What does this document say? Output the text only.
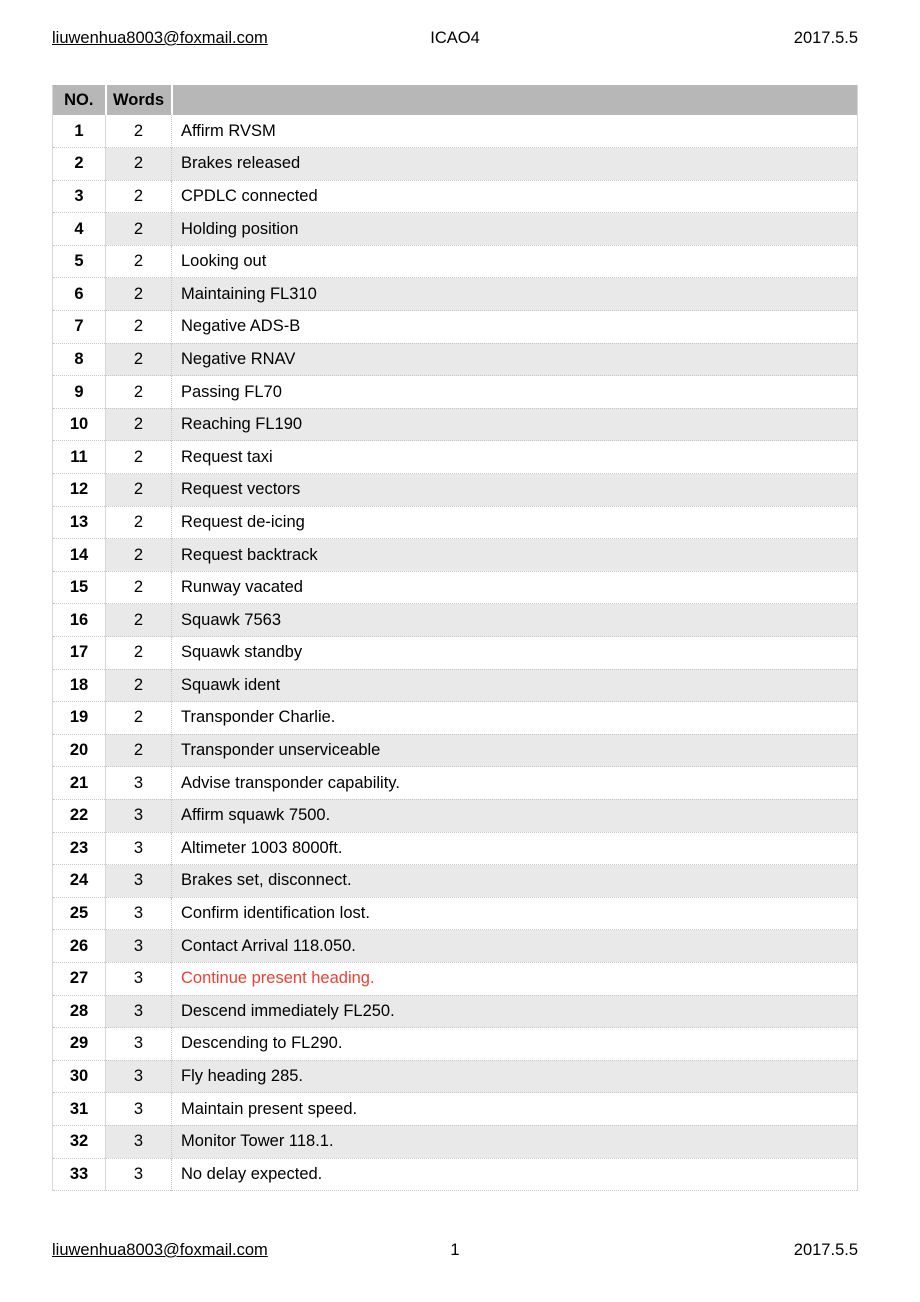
liuwenhua8003@foxmail.com	ICAO4	2017.5.5
NO.	Words	
1	2	Affirm RVSM
2	2	Brakes released
3	2	CPDLC connected
4	2	Holding position
5	2	Looking out
6	2	Maintaining FL310
7	2	Negative ADS-B
8	2	Negative RNAV
9	2	Passing FL70
10	2	Reaching FL190
11	2	Request taxi
12	2	Request vectors
13	2	Request de-icing
14	2	Request backtrack
15	2	Runway vacated
16	2	Squawk 7563
17	2	Squawk standby
18	2	Squawk ident
19	2	Transponder Charlie.
20	2	Transponder unserviceable
21	3	Advise transponder capability.
22	3	Affirm squawk 7500.
23	3	Altimeter 1003 8000ft.
24	3	Brakes set, disconnect.
25	3	Confirm identification lost.
26	3	Contact Arrival 118.050.
27	3	Continue present heading.
28	3	Descend immediately FL250.
29	3	Descending to FL290.
30	3	Fly heading 285.
31	3	Maintain present speed.
32	3	Monitor Tower 118.1.
33	3	No delay expected.
liuwenhua8003@foxmail.com	1	2017.5.5
